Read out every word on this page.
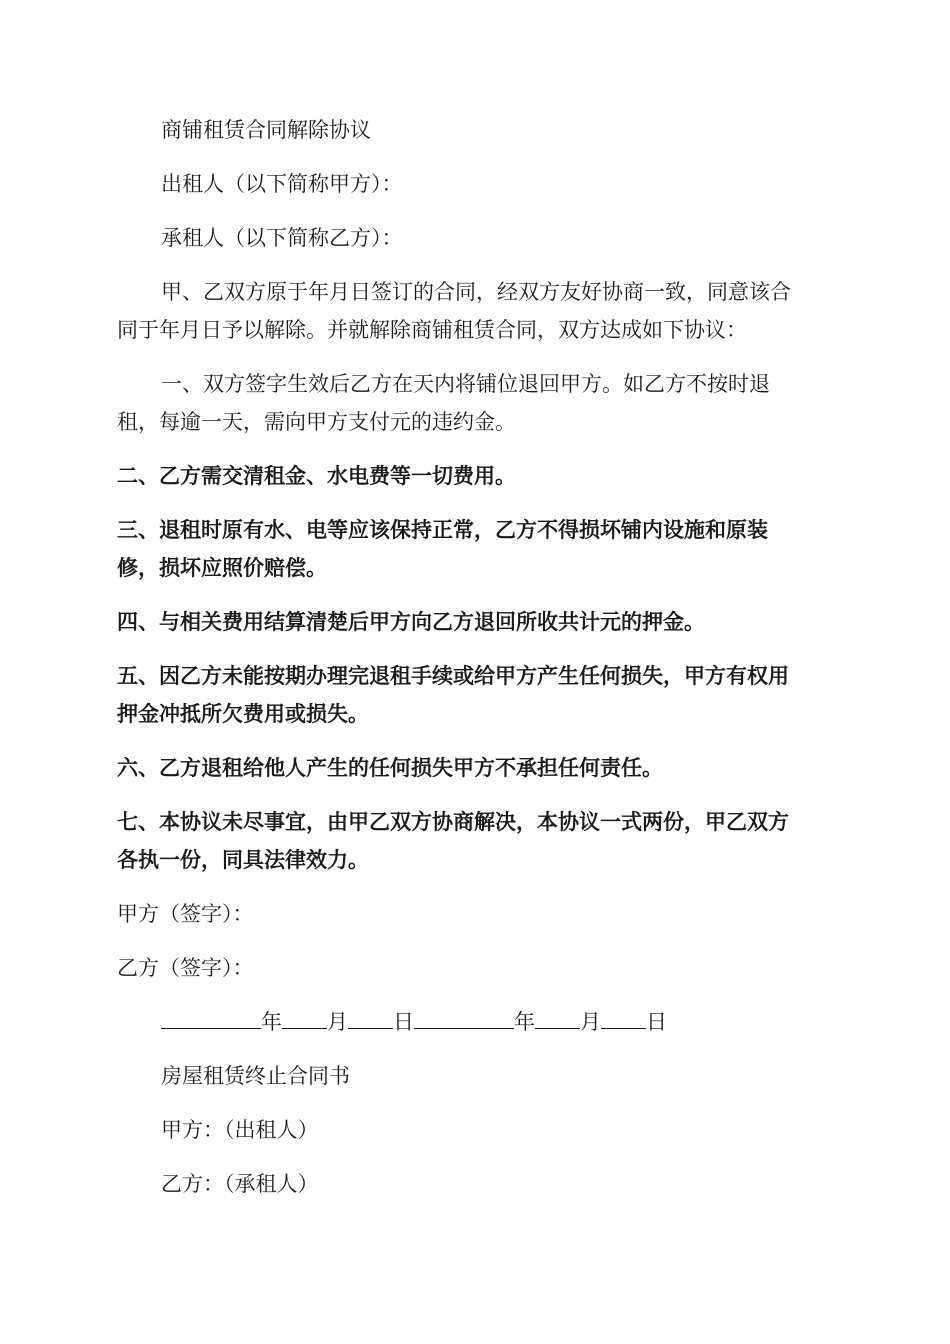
商铺租赁合同解除协议
出租人（以下简称甲方）：
承租人（以下简称乙方）：
甲、乙双方原于年月日签订的合同，经双方友好协商一致，同意该合
同于年月日予以解除。并就解除商铺租赁合同，双方达成如下协议：
一、双方签字生效后乙方在天内将铺位退回甲方。如乙方不按时退
租，每逾一天，需向甲方支付元的违约金。
二、乙方需交清租金、水电费等一切费用。
三、退租时原有水、电等应该保持正常，乙方不得损坏铺内设施和原装
修，损坏应照价赔偿。
四、与相关费用结算清楚后甲方向乙方退回所收共计元的押金。
五、因乙方未能按期办理完退租手续或给甲方产生任何损失，甲方有权用
押金冲抵所欠费用或损失。
六、乙方退租给他人产生的任何损失甲方不承担任何责任。
七、本协议未尽事宜，由甲乙双方协商解决，本协议一式两份，甲乙双方
各执一份，同具法律效力。
甲方（签字）：
乙方（签字）：
年 月 日	年 月 日
房屋租赁终止合同书
甲方：（出租人）
乙方：（承租人）
